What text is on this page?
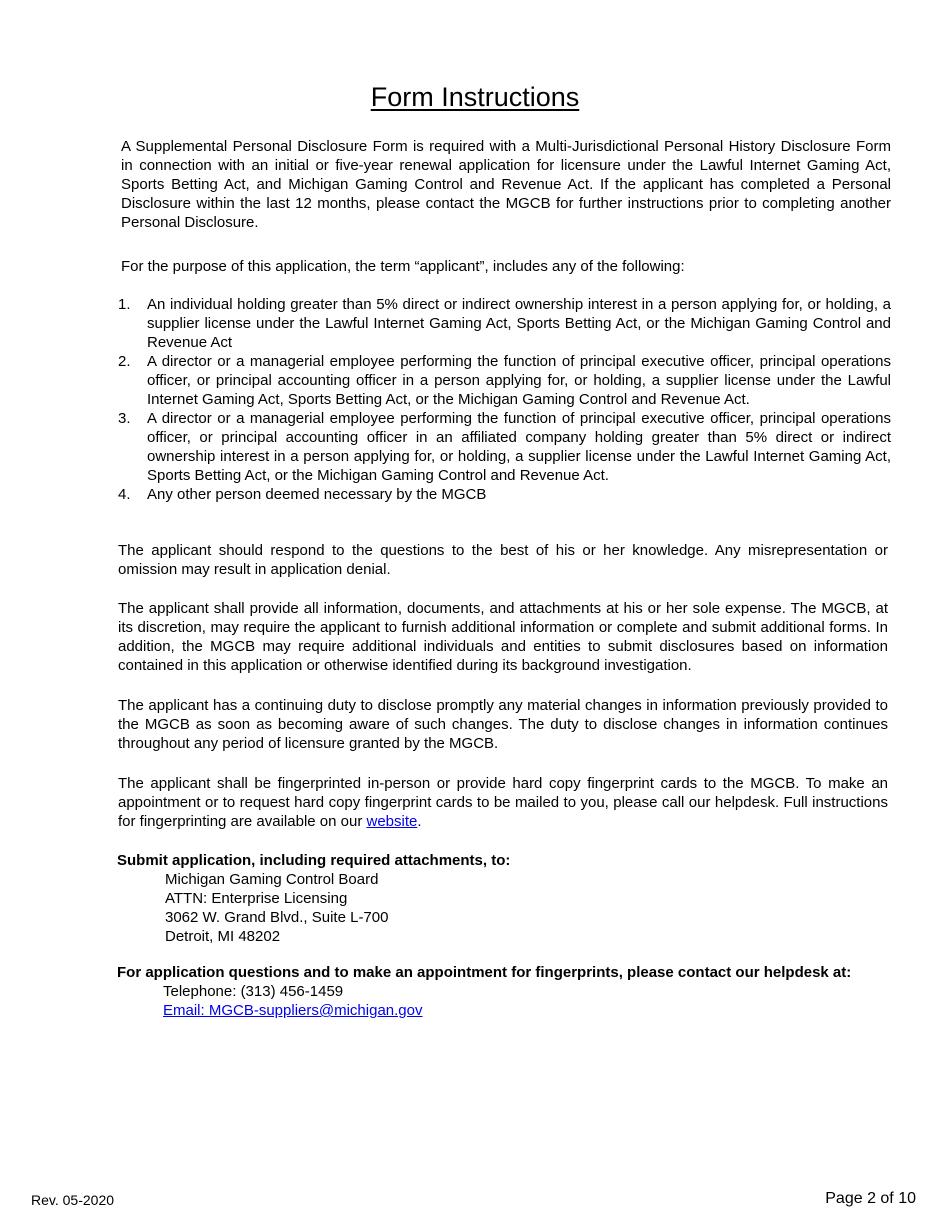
Form Instructions

A Supplemental Personal Disclosure Form is required with a Multi-Jurisdictional Personal History Disclosure Form in connection with an initial or five-year renewal application for licensure under the Lawful Internet Gaming Act, Sports Betting Act, and Michigan Gaming Control and Revenue Act. If the applicant has completed a Personal Disclosure within the last 12 months, please contact the MGCB for further instructions prior to completing another Personal Disclosure.

For the purpose of this application, the term “applicant”, includes any of the following:

1. An individual holding greater than 5% direct or indirect ownership interest in a person applying for, or holding, a supplier license under the Lawful Internet Gaming Act, Sports Betting Act, or the Michigan Gaming Control and Revenue Act
2. A director or a managerial employee performing the function of principal executive officer, principal operations officer, or principal accounting officer in a person applying for, or holding, a supplier license under the Lawful Internet Gaming Act, Sports Betting Act, or the Michigan Gaming Control and Revenue Act.
3. A director or a managerial employee performing the function of principal executive officer, principal operations officer, or principal accounting officer in an affiliated company holding greater than 5% direct or indirect ownership interest in a person applying for, or holding, a supplier license under the Lawful Internet Gaming Act, Sports Betting Act, or the Michigan Gaming Control and Revenue Act.
4. Any other person deemed necessary by the MGCB

The applicant should respond to the questions to the best of his or her knowledge. Any misrepresentation or omission may result in application denial.

The applicant shall provide all information, documents, and attachments at his or her sole expense. The MGCB, at its discretion, may require the applicant to furnish additional information or complete and submit additional forms. In addition, the MGCB may require additional individuals and entities to submit disclosures based on information contained in this application or otherwise identified during its background investigation.

The applicant has a continuing duty to disclose promptly any material changes in information previously provided to the MGCB as soon as becoming aware of such changes. The duty to disclose changes in information continues throughout any period of licensure granted by the MGCB.

The applicant shall be fingerprinted in-person or provide hard copy fingerprint cards to the MGCB. To make an appointment or to request hard copy fingerprint cards to be mailed to you, please call our helpdesk. Full instructions for fingerprinting are available on our website.

Submit application, including required attachments, to:

Michigan Gaming Control Board
ATTN: Enterprise Licensing
3062 W. Grand Blvd., Suite L-700
Detroit, MI 48202

For application questions and to make an appointment for fingerprints, please contact our helpdesk at:

Telephone: (313) 456-1459
Email: MGCB-suppliers@michigan.gov
Rev. 05-2020	Page 2 of 10
